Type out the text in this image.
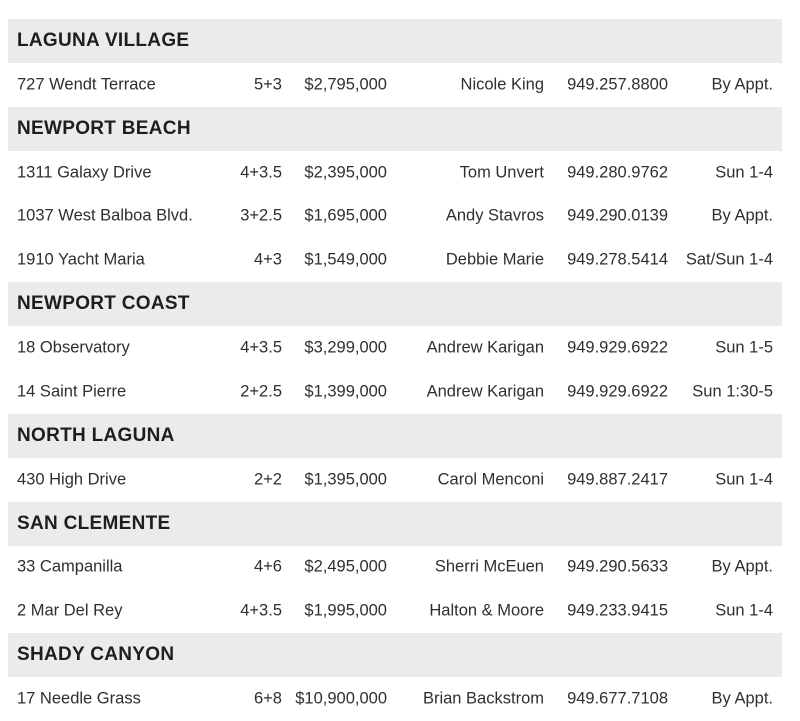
LAGUNA VILLAGE
727 Wendt Terrace	5+3 $2,795,000	Nicole King 949.257.8800	By Appt.
NEWPORT BEACH
1311 Galaxy Drive	4+3.5 $2,395,000	Tom Unvert 949.280.9762	Sun 1-4
1037 West Balboa Blvd.	3+2.5 $1,695,000	Andy Stavros 949.290.0139	By Appt.
1910 Yacht Maria	4+3 $1,549,000	Debbie Marie 949.278.5414 Sat/Sun 1-4
NEWPORT COAST
18 Observatory	4+3.5 $3,299,000 Andrew Karigan 949.929.6922	Sun 1-5
14 Saint Pierre	2+2.5 $1,399,000 Andrew Karigan 949.929.6922 Sun 1:30-5
NORTH LAGUNA
430 High Drive	2+2 $1,395,000	Carol Menconi 949.887.2417	Sun 1-4
SAN CLEMENTE
33 Campanilla	4+6 $2,495,000	Sherri McEuen 949.290.5633	By Appt.
2 Mar Del Rey	4+3.5 $1,995,000	Halton & Moore 949.233.9415	Sun 1-4
SHADY CANYON
17 Needle Grass	6+8 $10,900,000 Brian Backstrom 949.677.7108	By Appt.
